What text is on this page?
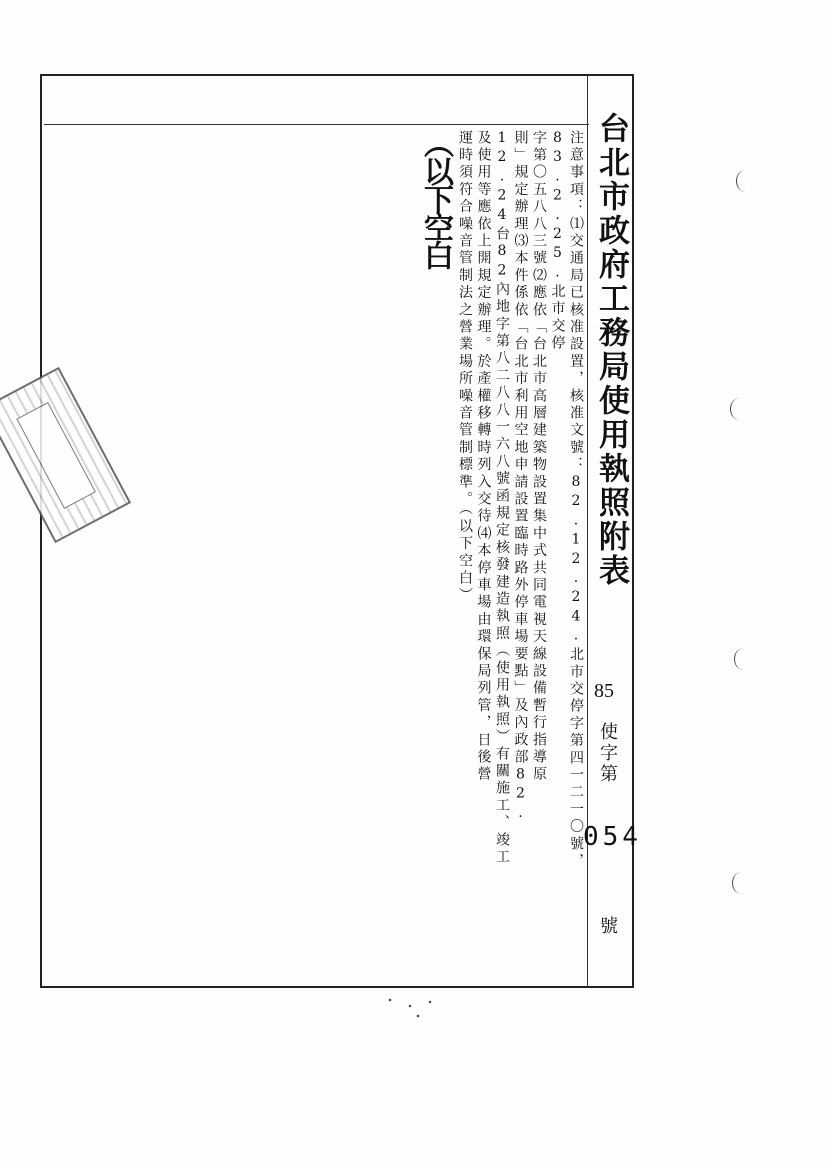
台北市政府工務局使用執照附表
注意事項：⑴交通局已核准設置，核准文號：82.12.24.北市交停字第四一二一〇號，83.2.25.北市交停
字第〇五八八三號⑵應依「台北市高層建築物設置集中式共同電視天線設備暫行指導原
則」規定辦理⑶本件係依「台北市利用空地申請設置臨時路外停車場要點」及內政部82.
12.24台82內地字第八二八八一六八號函規定核發建造執照（使用執照）有關施工、竣工
及使用等應依上開規定辦理。於產權移轉時列入交待⑷本停車場由環保局列管，日後營
運時須符合噪音管制法之營業場所噪音管制標準。（以下空白）
（以下空白
85
使字第
054
號
